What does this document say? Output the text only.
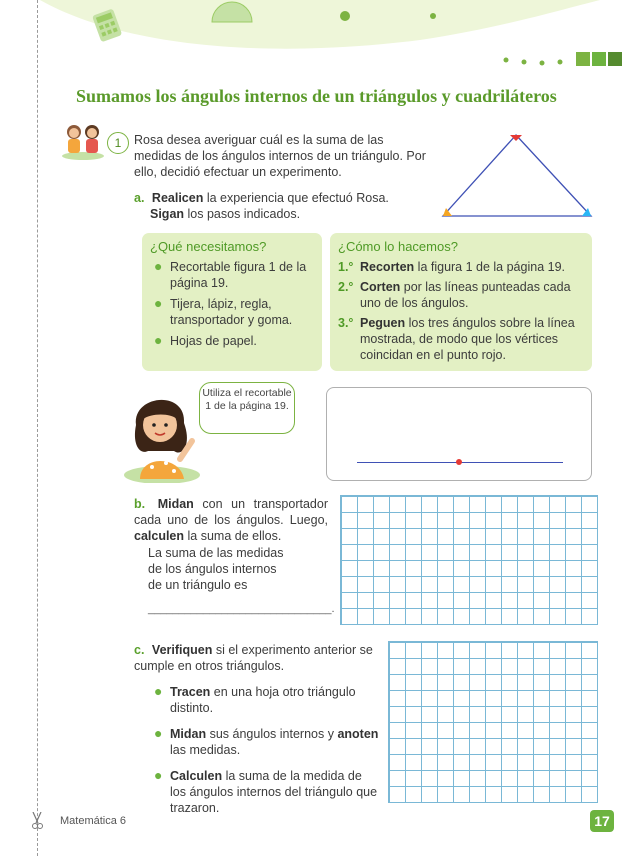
Sumamos los ángulos internos de un triángulos y cuadriláteros
1	Rosa desea averiguar cuál es la suma de las medidas de los ángulos internos de un triángulo. Por ello, decidió efectuar un experimento.
a. Realicen la experiencia que efectuó Rosa.
Sigan los pasos indicados.
¿Qué necesitamos?
● Recortable figura 1 de la página 19.
● Tijera, lápiz, regla, transportador y goma.
● Hojas de papel.
¿Cómo lo hacemos?
1.° Recorten la figura 1 de la página 19.
2.° Corten por las líneas punteadas cada uno de los ángulos.
3.° Peguen los tres ángulos sobre la línea mostrada, de modo que los vértices coincidan en el punto rojo.
Utiliza el recortable 1 de la página 19.
b. Midan con un transportador cada uno de los ángulos. Luego, calculen la suma de ellos.
La suma de las medidas de los ángulos internos de un triángulo es
______________________________.
c. Verifiquen si el experimento anterior se cumple en otros triángulos.
● Tracen en una hoja otro triángulo distinto.
● Midan sus ángulos internos y anoten las medidas.
● Calculen la suma de la medida de los ángulos internos del triángulo que trazaron.
Matemática 6	17
